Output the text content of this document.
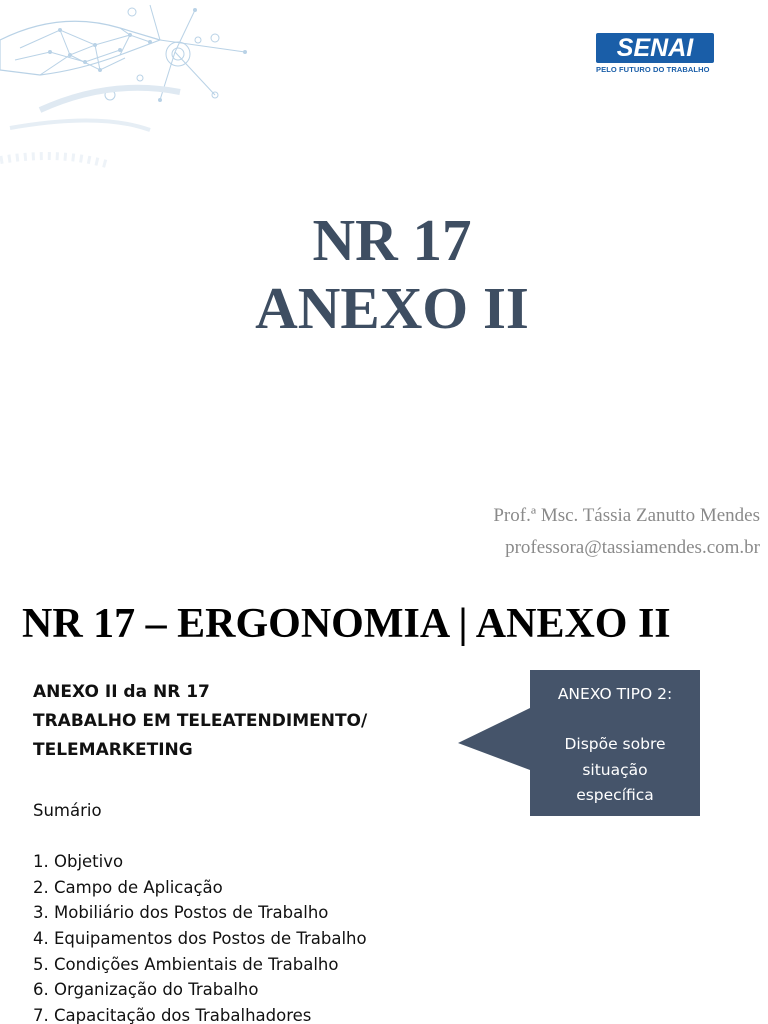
SENAI
PELO FUTURO DO TRABALHO
NR 17
ANEXO II
Prof.ª Msc. Tássia Zanutto Mendes
professora@tassiamendes.com.br
NR 17 – ERGONOMIA | ANEXO II
ANEXO II da NR 17
TRABALHO EM TELEATENDIMENTO/
TELEMARKETING
Sumário
1. Objetivo
2. Campo de Aplicação
3. Mobiliário dos Postos de Trabalho
4. Equipamentos dos Postos de Trabalho
5. Condições Ambientais de Trabalho
6. Organização do Trabalho
7. Capacitação dos Trabalhadores
ANEXO TIPO 2:
Dispõe sobre
situação
específica
